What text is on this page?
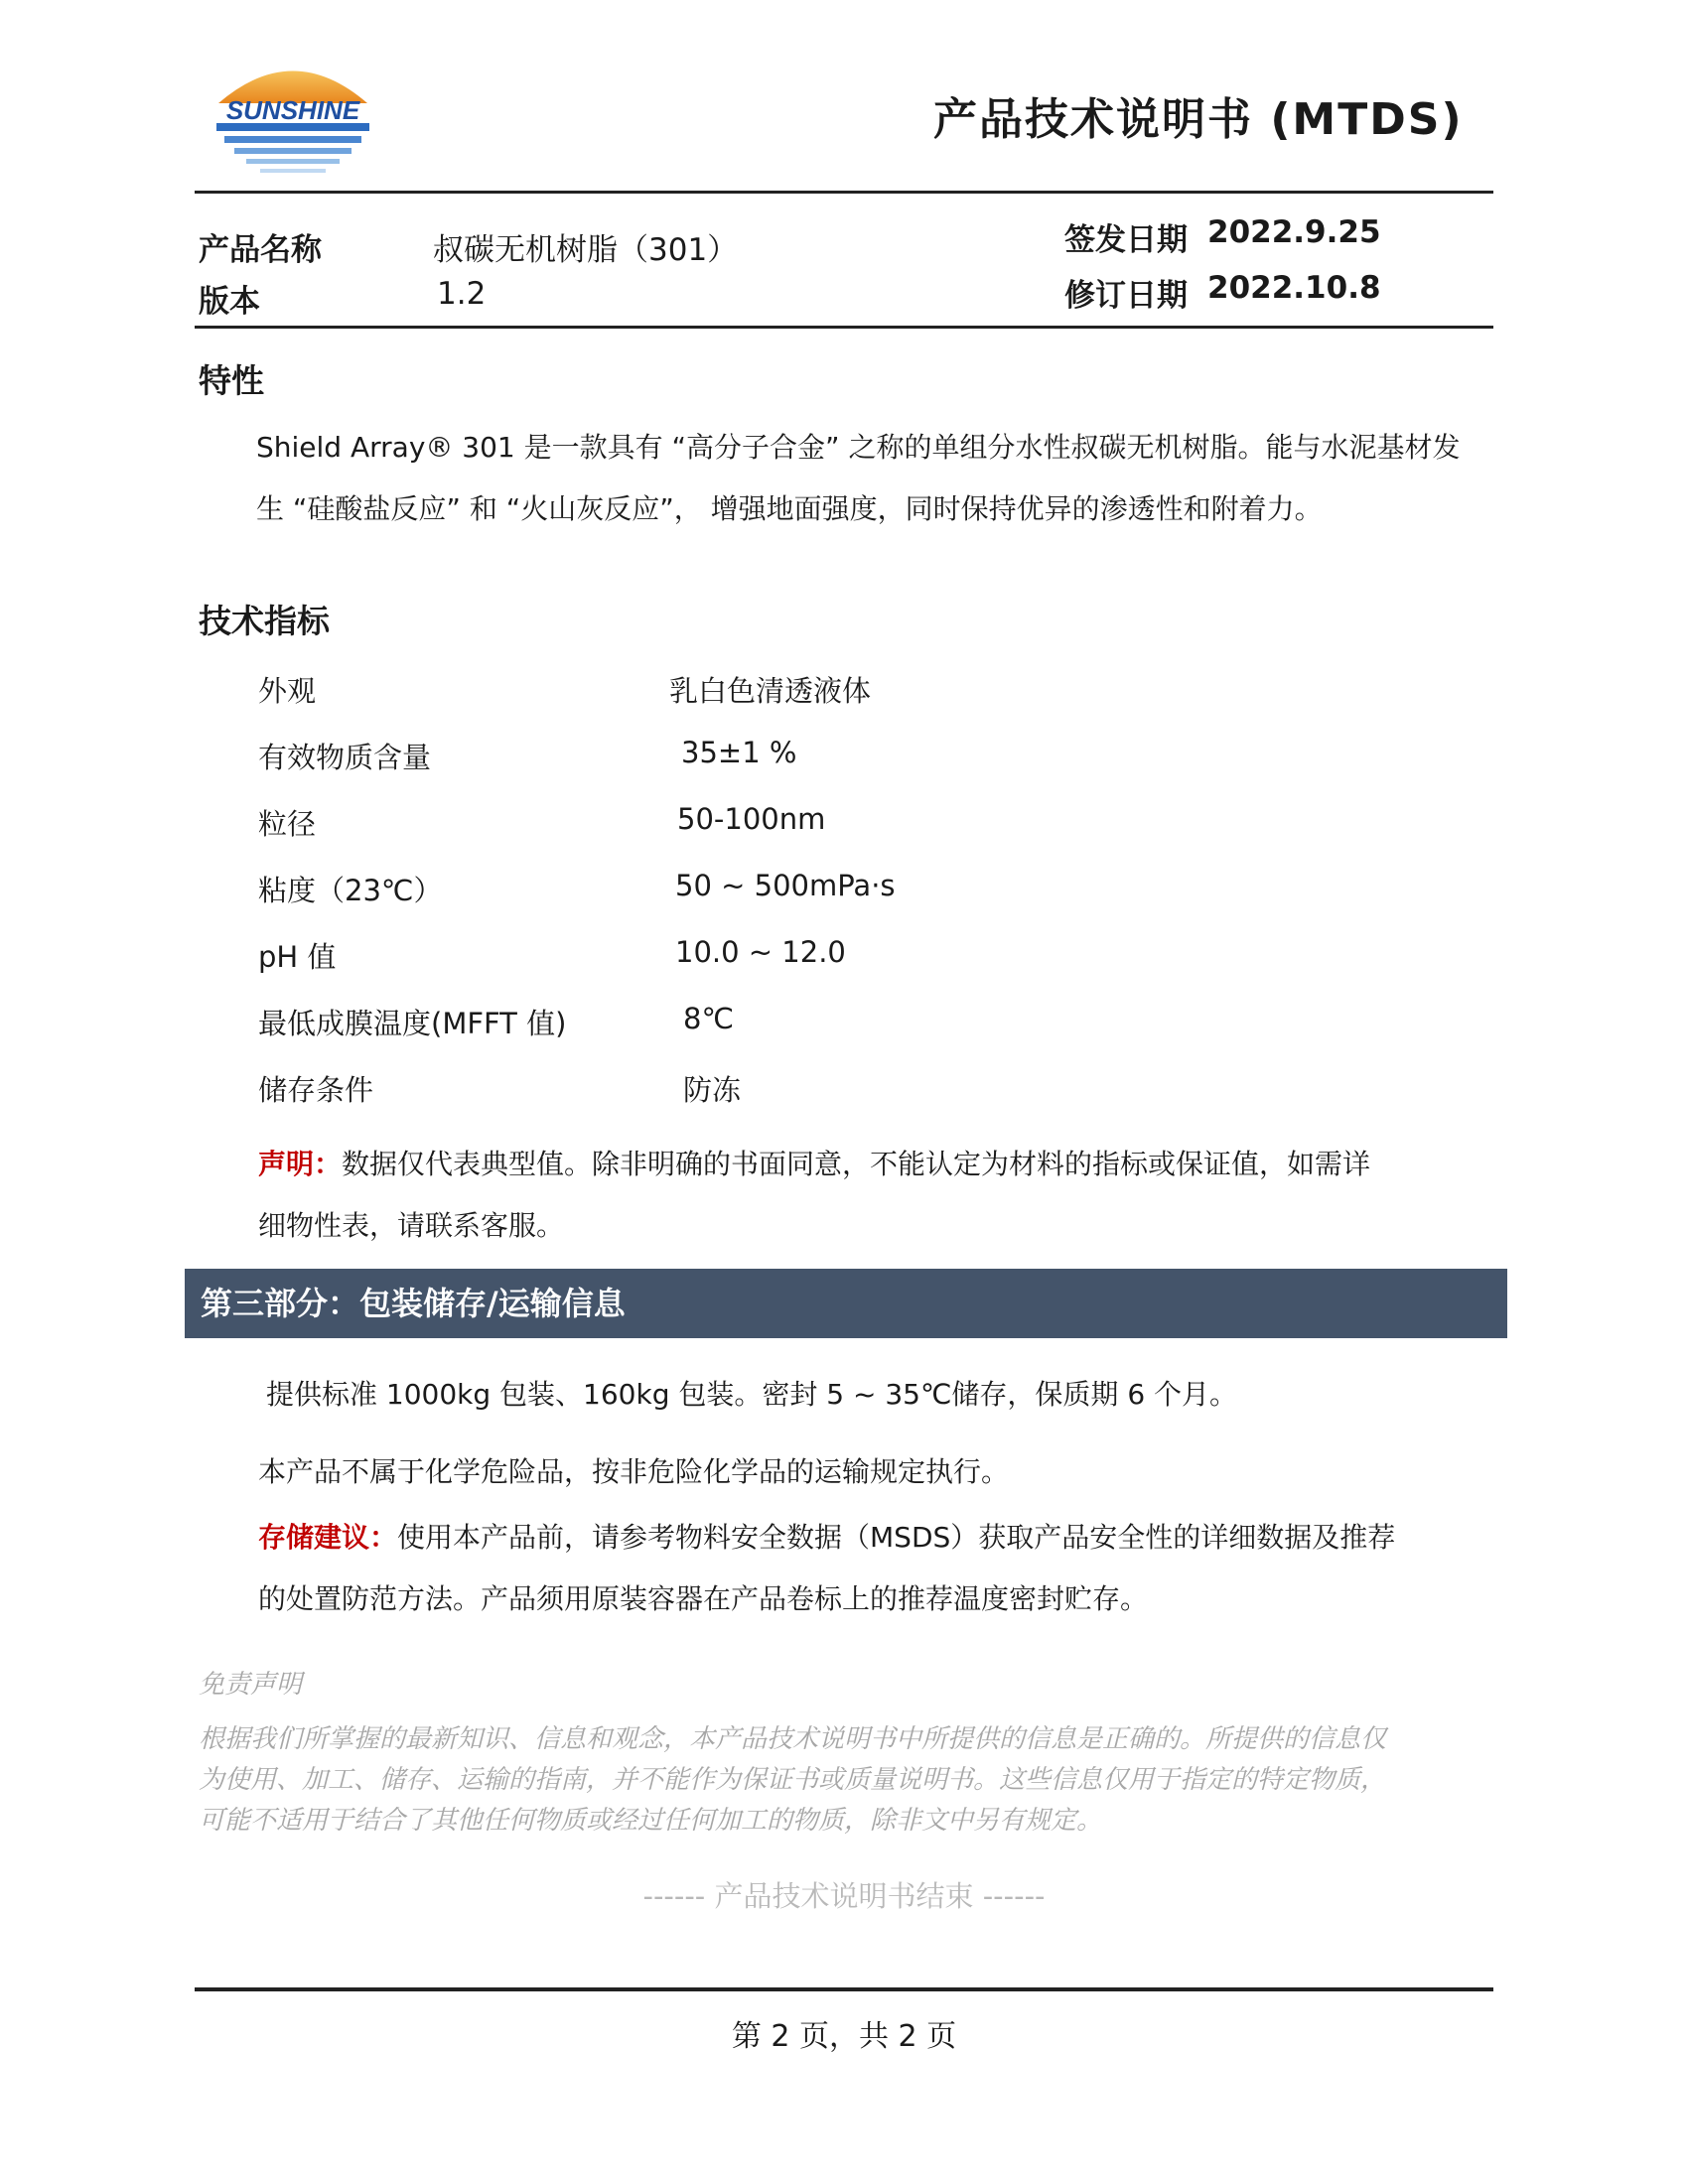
SUNSHINE	产品技术说明书 (MTDS)
产品名称	叔碳无机树脂（301）
版本	1.2
签发日期 2022.9.25
修订日期 2022.10.8
特性
Shield Array® 301 是一款具有 “高分子合金” 之称的单组分水性叔碳无机树脂。能与水泥基材发
生 “硅酸盐反应” 和 “火山灰反应”， 增强地面强度，同时保持优异的渗透性和附着力。
技术指标
外观	乳白色清透液体
有效物质含量	35±1 %
粒径	50-100nm
粘度（23℃）	50 ~ 500mPa·s
pH 值	10.0 ~ 12.0
最低成膜温度(MFFT 值)	8℃
储存条件	防冻
声明：数据仅代表典型值。除非明确的书面同意，不能认定为材料的指标或保证值，如需详
细物性表，请联系客服。
第三部分：包装储存/运输信息
提供标准 1000kg 包装、160kg 包装。密封 5 ~ 35℃储存，保质期 6 个月。
本产品不属于化学危险品，按非危险化学品的运输规定执行。
存储建议：使用本产品前，请参考物料安全数据（MSDS）获取产品安全性的详细数据及推荐
的处置防范方法。产品须用原装容器在产品卷标上的推荐温度密封贮存。
免责声明
根据我们所掌握的最新知识、信息和观念，本产品技术说明书中所提供的信息是正确的。所提供的信息仅
为使用、加工、储存、运输的指南，并不能作为保证书或质量说明书。这些信息仅用于指定的特定物质，
可能不适用于结合了其他任何物质或经过任何加工的物质，除非文中另有规定。
------ 产品技术说明书结束 ------
第 2 页，共 2 页
